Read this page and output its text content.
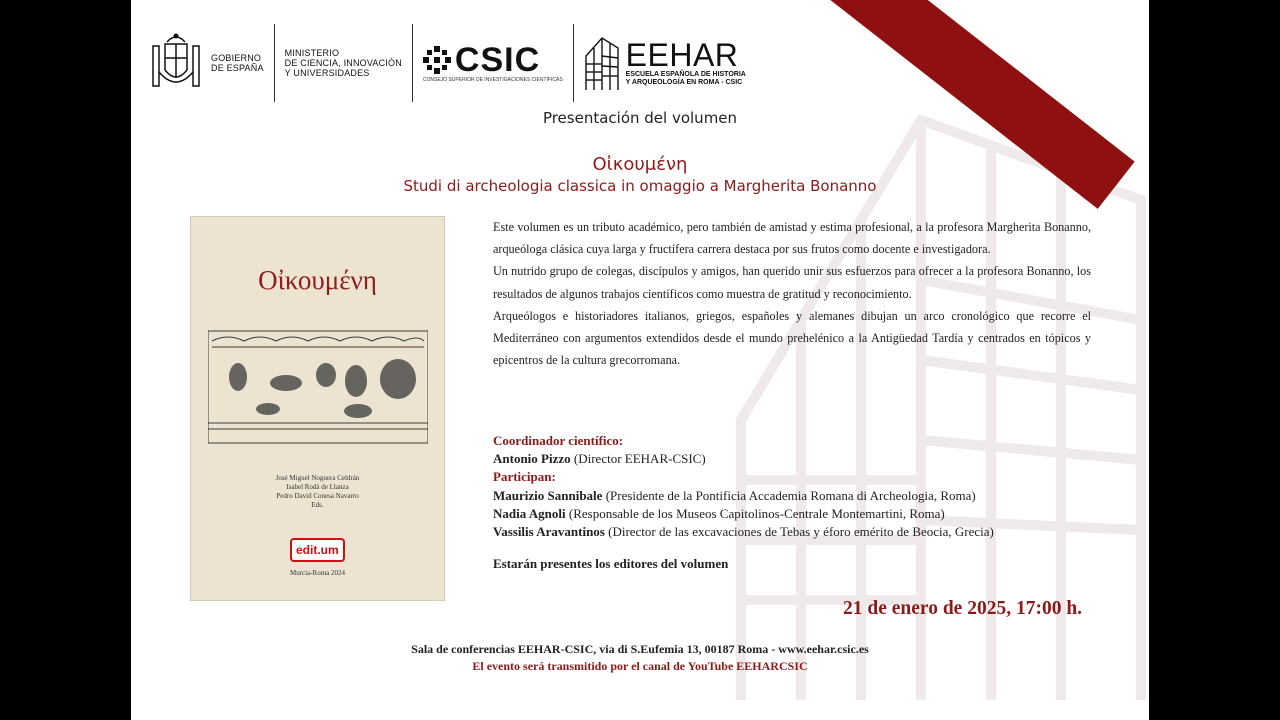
GOBIERNO
DE ESPAÑA
MINISTERIO
DE CIENCIA, INNOVACIÓN
Y UNIVERSIDADES	CSIC
CONSEJO SUPERIOR DE INVESTIGACIONES CIENTÍFICAS
EEHAR
ESCUELA ESPAÑOLA DE HISTORIA
Y ARQUEOLOGÍA EN ROMA - CSIC
Presentación del volumen
Οἰκουμένη
Studi di archeologia classica in omaggio a Margherita Bonanno
Οἰκουμένη
José Miguel Noguera Celdrán
Isabel Rodà de Llanza
Pedro David Conesa Navarro
Eds.
edit.um
Murcia-Roma 2024

Este volumen es un tributo académico, pero también de amistad y estima profesional, a la profesora Margherita Bonanno, arqueóloga clásica cuya larga y fructífera carrera destaca por sus frutos como docente e investigadora.

Un nutrido grupo de colegas, discípulos y amigos, han querido unir sus esfuerzos para ofrecer a la profesora Bonanno, los resultados de algunos trabajos científicos como muestra de gratitud y reconocimiento.

Arqueólogos e historiadores italianos, griegos, españoles y alemanes dibujan un arco cronológico que recorre el Mediterráneo con argumentos extendidos desde el mundo prehelénico a la Antigüedad Tardía y centrados en tópicos y epicentros de la cultura grecorromana.

Coordinador científico:
Antonio Pizzo (Director EEHAR-CSIC)
Participan:
Maurizio Sannibale (Presidente de la Pontificia Accademia Romana di Archeologia, Roma)
Nadia Agnoli (Responsable de los Museos Capitolinos-Centrale Montemartini, Roma)
Vassilis Aravantinos (Director de las excavaciones de Tebas y éforo emérito de Beocia, Grecia)
Estarán presentes los editores del volumen
21 de enero de 2025, 17:00 h.
Sala de conferencias EEHAR-CSIC, via di S.Eufemia 13, 00187 Roma - www.eehar.csic.es
El evento será transmitido por el canal de YouTube EEHARCSIC
